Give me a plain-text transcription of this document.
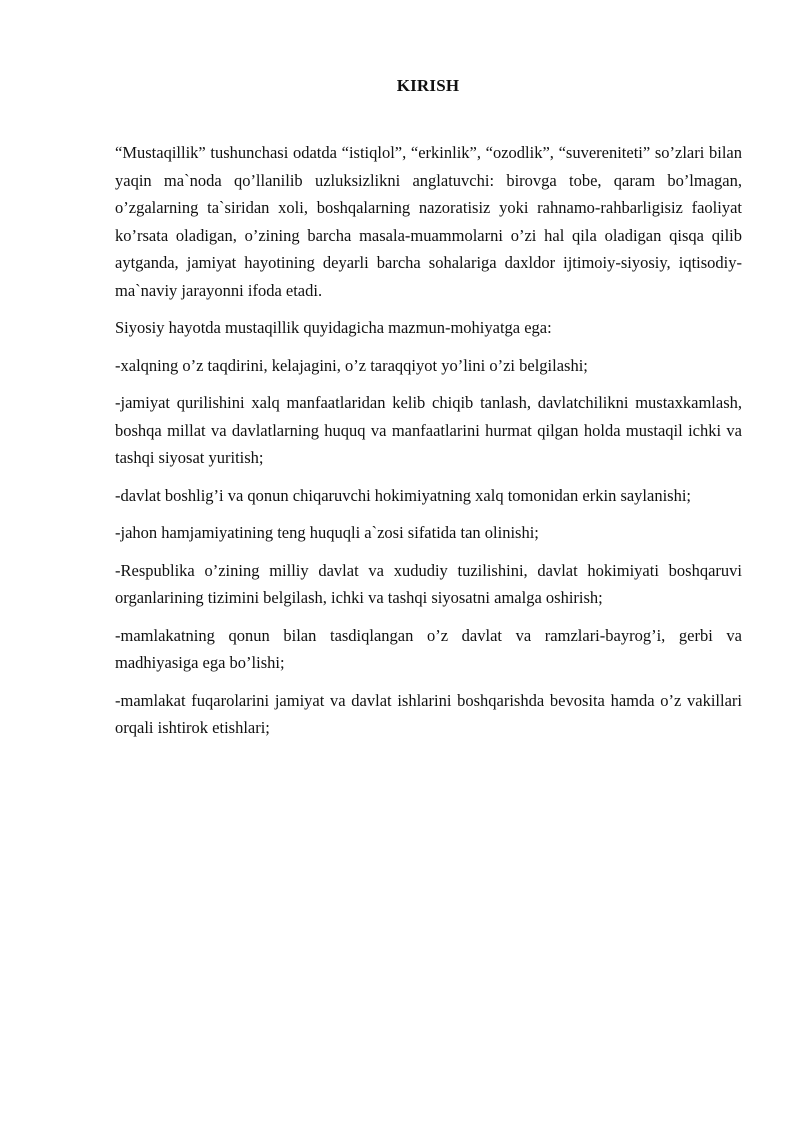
KIRISH

“Mustaqillik” tushunchasi odatda “istiqlol”, “erkinlik”, “ozodlik”, “suvereniteti” so’zlari bilan yaqin ma`noda qo’llanilib uzluksizlikni anglatuvchi: birovga tobe, qaram bo’lmagan, o’zgalarning ta`siridan xoli, boshqalarning nazoratisiz yoki rahnamo-rahbarligisiz faoliyat ko’rsata oladigan, o’zining barcha masala-muammolarni o’zi hal qila oladigan qisqa qilib aytganda, jamiyat hayotining deyarli barcha sohalariga daxldor ijtimoiy-siyosiy, iqtisodiy-ma`naviy jarayonni ifoda etadi.

Siyosiy hayotda mustaqillik quyidagicha mazmun-mohiyatga ega:

-xalqning o’z taqdirini, kelajagini, o’z taraqqiyot yo’lini o’zi belgilashi;

-jamiyat qurilishini xalq manfaatlaridan kelib chiqib tanlash, davlatchilikni mustaxkamlash, boshqa millat va davlatlarning huquq va manfaatlarini hurmat qilgan holda mustaqil ichki va tashqi siyosat yuritish;

-davlat boshlig’i va qonun chiqaruvchi hokimiyatning xalq tomonidan erkin saylanishi;

-jahon hamjamiyatining teng huquqli a`zosi sifatida tan olinishi;

-Respublika o’zining milliy davlat va xududiy tuzilishini, davlat hokimiyati boshqaruvi organlarining tizimini belgilash, ichki va tashqi siyosatni amalga oshirish;

-mamlakatning qonun bilan tasdiqlangan o’z davlat va ramzlari-bayrog’i, gerbi va madhiyasiga ega bo’lishi;

-mamlakat fuqarolarini jamiyat va davlat ishlarini boshqarishda bevosita hamda o’z vakillari orqali ishtirok etishlari;
